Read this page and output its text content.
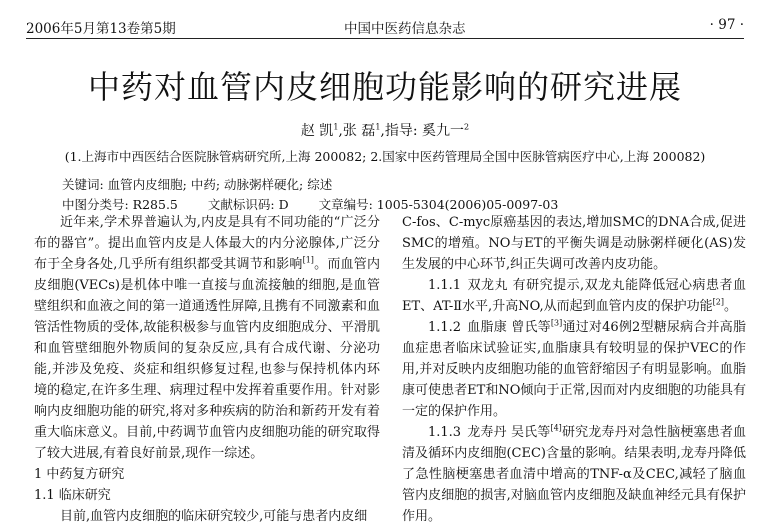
2006年5月第13卷第5期	中国中医药信息杂志	· 97 ·
中药对血管内皮细胞功能影响的研究进展
赵 凯$^1$,张 磊$^1$,指导: 奚九一$^2$
(1.上海市中西医结合医院脉管病研究所,上海 200082; 2.国家中医药管理局全国中医脉管病医疗中心,上海 200082)
关键词: 血管内皮细胞; 中药; 动脉粥样硬化; 综述
中图分类号: R285.5 文献标识码: D 文章编号: 1005-5304(2006)05-0097-03

近年来,学术界普遍认为,内皮是具有不同功能的“广泛分布的器官”。提出血管内皮是人体最大的内分泌腺体,广泛分布于全身各处,几乎所有组织都受其调节和影响[1]。而血管内皮细胞(VECs)是机体中唯一直接与血流接触的细胞,是血管壁组织和血液之间的第一道通透性屏障,且携有不同激素和血管活性物质的受体,故能积极参与血管内皮细胞成分、平滑肌和血管壁细胞外物质间的复杂反应,具有合成代谢、分泌功能,并涉及免疫、炎症和组织修复过程,也参与保持机体内环境的稳定,在许多生理、病理过程中发挥着重要作用。针对影响内皮细胞功能的研究,将对多种疾病的防治和新药开发有着重大临床意义。目前,中药调节血管内皮细胞功能的研究取得了较大进展,有着良好前景,现作一综述。

1 中药复方研究

1.1 临床研究

目前,血管内皮细胞的临床研究较少,可能与患者内皮细

C-fos、C-myc原癌基因的表达,增加SMC的DNA合成,促进SMC的增殖。NO与ET的平衡失调是动脉粥样硬化(AS)发生发展的中心环节,纠正失调可改善内皮功能。

1.1.1 双龙丸 有研究提示,双龙丸能降低冠心病患者血ET、AT-Ⅱ水平,升高NO,从而起到血管内皮的保护功能[2]。

1.1.2 血脂康 曾氏等[3]通过对46例2型糖尿病合并高脂血症患者临床试验证实,血脂康具有较明显的保护VEC的作用,并对反映内皮细胞功能的血管舒缩因子有明显影响。血脂康可使患者ET和NO倾向于正常,因而对内皮细胞的功能具有一定的保护作用。

1.1.3 龙寿丹 吴氏等[4]研究龙寿丹对急性脑梗塞患者血清及循环内皮细胞(CEC)含量的影响。结果表明,龙寿丹降低了急性脑梗塞患者血清中增高的TNF-α及CEC,减轻了脑血管内皮细胞的损害,对脑血管内皮细胞及缺血神经元具有保护作用。
